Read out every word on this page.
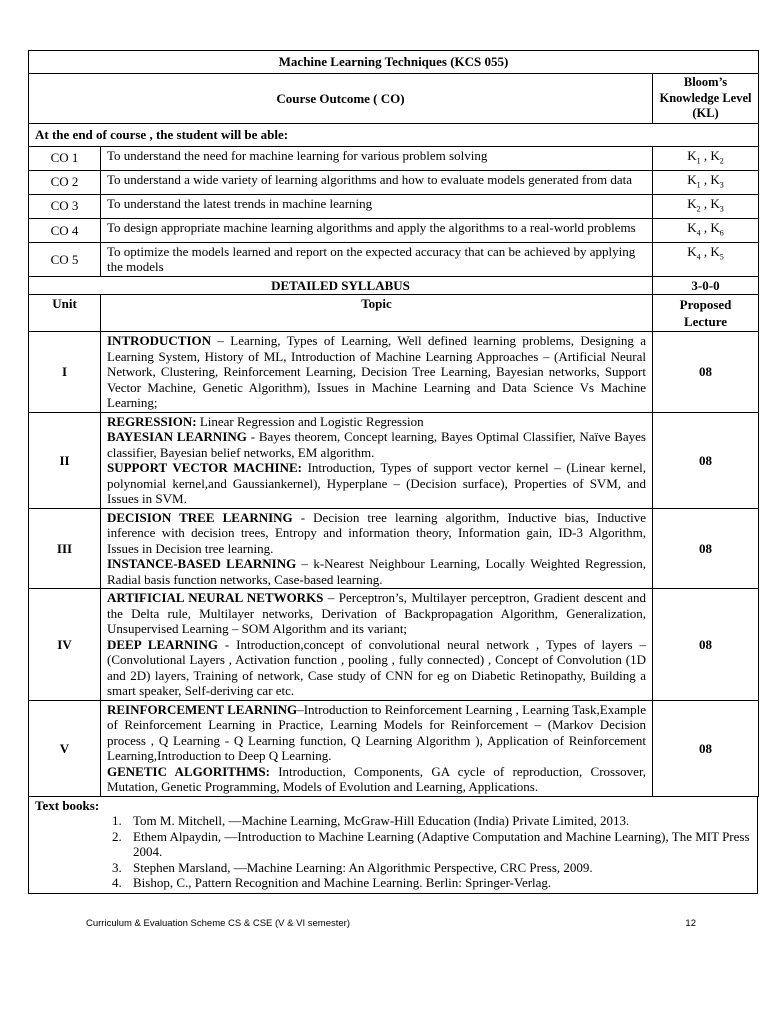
Machine Learning Techniques (KCS 055)		
Course Outcome ( CO)		Bloom’s Knowledge Level (KL)
At the end of course , the student will be able:		
CO 1	To understand the need for machine learning for various problem solving	$K_1$ , $K_2$
CO 2	To understand a wide variety of learning algorithms and how to evaluate models generated from data	$K_1$ , $K_3$
CO 3	To understand the latest trends in machine learning	$K_2$ , $K_3$
CO 4	To design appropriate machine learning algorithms and apply the algorithms to a real-world problems	$K_4$ , $K_6$
CO 5	To optimize the models learned and report on the expected accuracy that can be achieved by applying the models	$K_4$ , $K_5$
DETAILED SYLLABUS		3-0-0
Unit	Topic	Proposed Lecture
I	INTRODUCTION – Learning, Types of Learning, Well defined learning problems, Designing a Learning System, History of ML, Introduction of Machine Learning Approaches – (Artificial Neural Network, Clustering, Reinforcement Learning, Decision Tree Learning, Bayesian networks, Support Vector Machine, Genetic Algorithm), Issues in Machine Learning and Data Science Vs Machine Learning;	08
II	REGRESSION: Linear Regression and Logistic Regression
BAYESIAN LEARNING - Bayes theorem, Concept learning, Bayes Optimal Classifier, Naïve Bayes classifier, Bayesian belief networks, EM algorithm.
SUPPORT VECTOR MACHINE: Introduction, Types of support vector kernel – (Linear kernel, polynomial kernel,and Gaussiankernel), Hyperplane – (Decision surface), Properties of SVM, and Issues in SVM.	08
III	DECISION TREE LEARNING - Decision tree learning algorithm, Inductive bias, Inductive inference with decision trees, Entropy and information theory, Information gain, ID-3 Algorithm, Issues in Decision tree learning.
INSTANCE-BASED LEARNING – k-Nearest Neighbour Learning, Locally Weighted Regression, Radial basis function networks, Case-based learning.	08
IV	ARTIFICIAL NEURAL NETWORKS – Perceptron’s, Multilayer perceptron, Gradient descent and the Delta rule, Multilayer networks, Derivation of Backpropagation Algorithm, Generalization, Unsupervised Learning – SOM Algorithm and its variant;
DEEP LEARNING - Introduction,concept of convolutional neural network , Types of layers – (Convolutional Layers , Activation function , pooling , fully connected) , Concept of Convolution (1D and 2D) layers, Training of network, Case study of CNN for eg on Diabetic Retinopathy, Building a smart speaker, Self-deriving car etc.	08
V	REINFORCEMENT LEARNING–Introduction to Reinforcement Learning , Learning Task,Example of Reinforcement Learning in Practice, Learning Models for Reinforcement – (Markov Decision process , Q Learning - Q Learning function, Q Learning Algorithm ), Application of Reinforcement Learning,Introduction to Deep Q Learning.
GENETIC ALGORITHMS: Introduction, Components, GA cycle of reproduction, Crossover, Mutation, Genetic Programming, Models of Evolution and Learning, Applications.	08
Text books:
1. Tom M. Mitchell, ―Machine Learning, McGraw-Hill Education (India) Private Limited, 2013.
2. Ethem Alpaydin, ―Introduction to Machine Learning (Adaptive Computation and Machine Learning), The MIT Press 2004.
3. Stephen Marsland, ―Machine Learning: An Algorithmic Perspective, CRC Press, 2009.
4. Bishop, C., Pattern Recognition and Machine Learning. Berlin: Springer-Verlag.
Curriculum & Evaluation Scheme CS & CSE (V & VI semester)	12
